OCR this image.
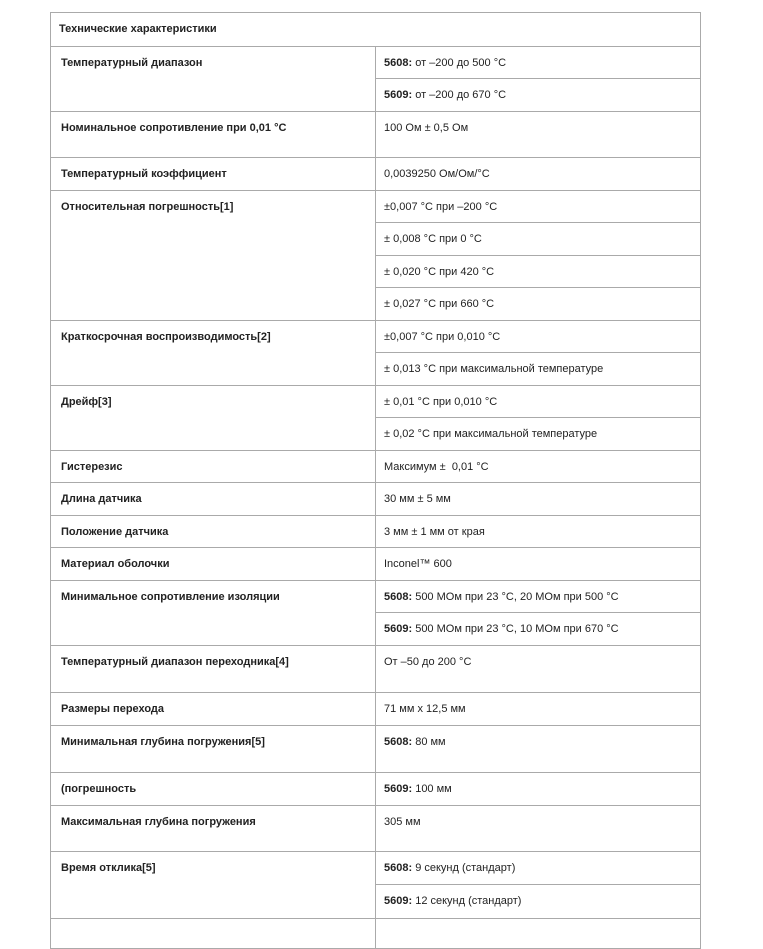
Технические характеристики	
Температурный диапазон	5608: от –200 до 500 °C
	5609: от –200 до 670 °C
Номинальное сопротивление при 0,01 °C	100 Ом ± 0,5 Ом
Температурный коэффициент	0,0039250 Ом/Ом/°C
Относительная погрешность[1]	±0,007 °C при –200 °C
	± 0,008 °C при 0 °C
	± 0,020 °C при 420 °C
	± 0,027 °C при 660 °C
Краткосрочная воспроизводимость[2]	±0,007 °C при 0,010 °C
	± 0,013 °C при максимальной температуре
Дрейф[3]	± 0,01 °C при 0,010 °C
	± 0,02 °C при максимальной температуре
Гистерезис	Максимум ±  0,01 °C
Длина датчика	30 мм ± 5 мм
Положение датчика	3 мм ± 1 мм от края
Материал оболочки	Inconel™ 600
Минимальное сопротивление изоляции	5608: 500 МОм при 23 °C, 20 МОм при 500 °C
	5609: 500 МОм при 23 °C, 10 МОм при 670 °C
Температурный диапазон переходника[4]	От –50 до 200 °C
Размеры перехода	71 мм x 12,5 мм
Минимальная глубина погружения[5]	5608: 80 мм
(погрешность	5609: 100 мм
Максимальная глубина погружения	305 мм
Время отклика[5]	5608: 9 секунд (стандарт)
	5609: 12 секунд (стандарт)
